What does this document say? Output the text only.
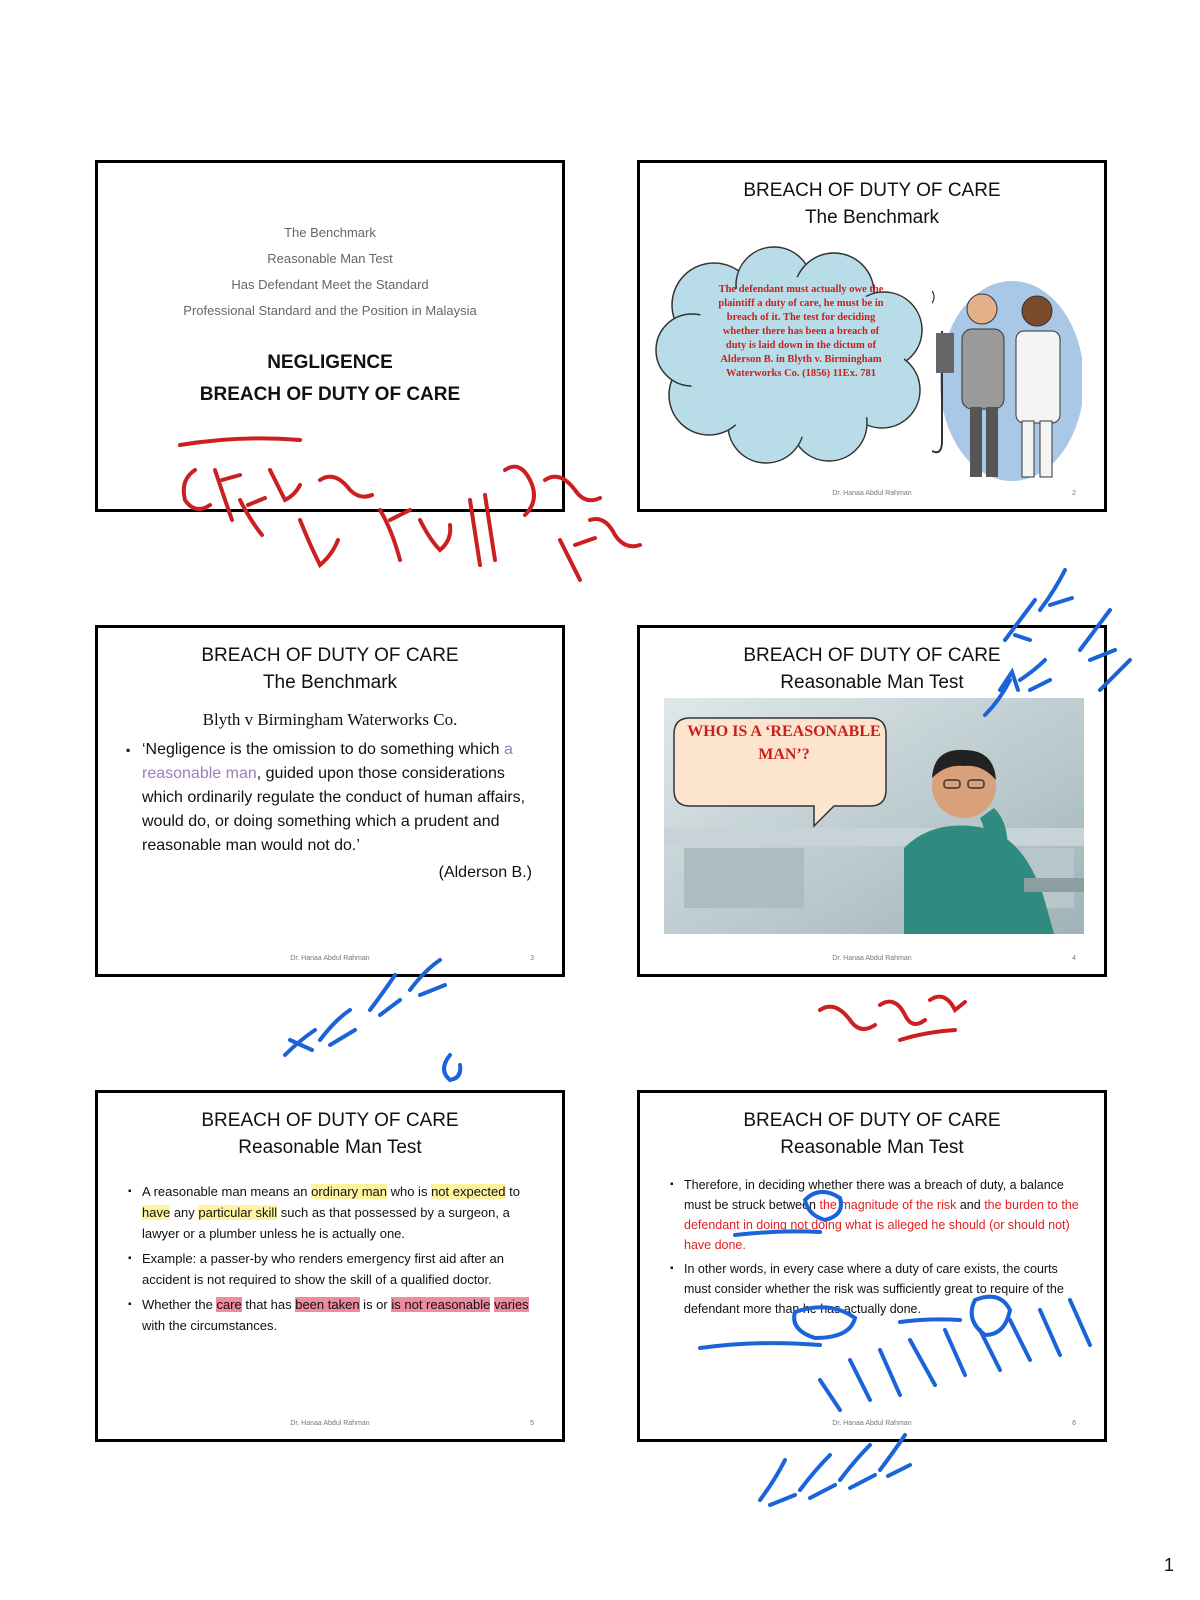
The Benchmark
Reasonable Man Test
Has Defendant Meet the Standard
Professional Standard and the Position in Malaysia
NEGLIGENCE
BREACH OF DUTY OF CARE
BREACH OF DUTY OF CARE
The Benchmark
The defendant must actually owe the plaintiff a duty of care, he must be in breach of it. The test for deciding whether there has been a breach of duty is laid down in the dictum of Alderson B. in Blyth v. Birmingham Waterworks Co. (1856) 11Ex. 781
Dr. Hanaa Abdul Rahman	2
BREACH OF DUTY OF CARE
The Benchmark
Blyth v Birmingham Waterworks Co.
▪ ‘Negligence is the omission to do something which a reasonable man, guided upon those considerations which ordinarily regulate the conduct of human affairs, would do, or doing something which a prudent and reasonable man would not do.’
(Alderson B.)
Dr. Hanaa Abdul Rahman	3
BREACH OF DUTY OF CARE
Reasonable Man Test
WHO IS A ‘REASONABLE MAN’?
Dr. Hanaa Abdul Rahman	4
BREACH OF DUTY OF CARE
Reasonable Man Test
▪ A reasonable man means an ordinary man who is not expected to have any particular skill such as that possessed by a surgeon, a lawyer or a plumber unless he is actually one.
▪ Example: a passer-by who renders emergency first aid after an accident is not required to show the skill of a qualified doctor.
▪ Whether the care that has been taken is or is not reasonable varies with the circumstances.
Dr. Hanaa Abdul Rahman	5
BREACH OF DUTY OF CARE
Reasonable Man Test
▪ Therefore, in deciding whether there was a breach of duty, a balance must be struck between the magnitude of the risk and the burden to the defendant in doing not doing what is alleged he should (or should not) have done.
▪ In other words, in every case where a duty of care exists, the courts must consider whether the risk was sufficiently great to require of the defendant more than he has actually done.
Dr. Hanaa Abdul Rahman	6
1
